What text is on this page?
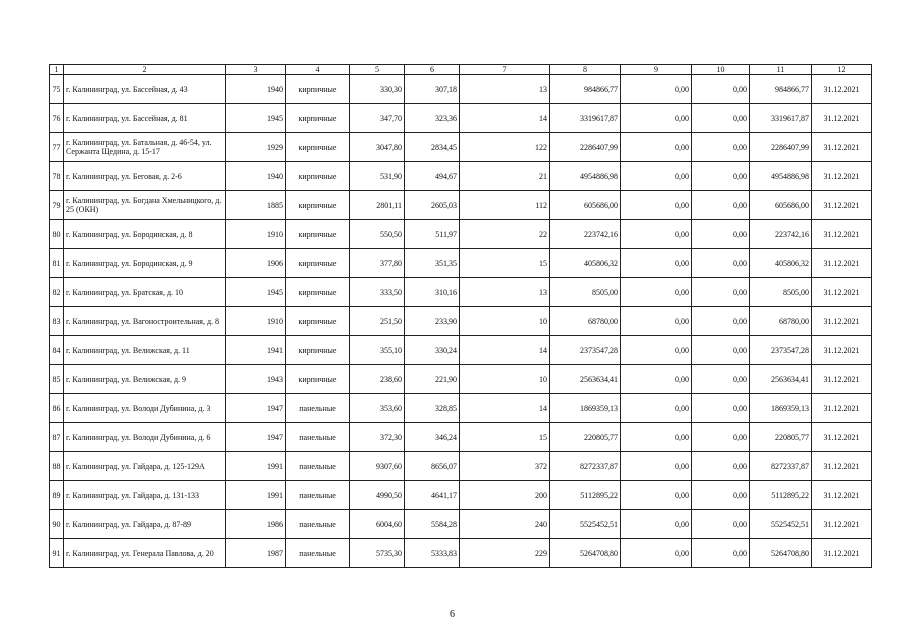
1	2	3	4	5	6	7	8	9	10	11	12
75	г. Калининград, ул. Бассейная, д. 43	1940	кирпичные	330,30	307,18	13	984866,77	0,00	0,00	984866,77	31.12.2021
76	г. Калининград, ул. Бассейная, д. 81	1945	кирпичные	347,70	323,36	14	3319617,87	0,00	0,00	3319617,87	31.12.2021
77	г. Калининград, ул. Батальная, д. 46-54, ул. Сержанта Щедина, д. 15-17	1929	кирпичные	3047,80	2834,45	122	2286407,99	0,00	0,00	2286407,99	31.12.2021
78	г. Калининград, ул. Беговая, д. 2-6	1940	кирпичные	531,90	494,67	21	4954886,98	0,00	0,00	4954886,98	31.12.2021
79	г. Калининград, ул. Богдана Хмельницкого, д. 25 (ОКН)	1885	кирпичные	2801,11	2605,03	112	605686,00	0,00	0,00	605686,00	31.12.2021
80	г. Калининград, ул. Бородинская, д. 8	1910	кирпичные	550,50	511,97	22	223742,16	0,00	0,00	223742,16	31.12.2021
81	г. Калининград, ул. Бородинская, д. 9	1906	кирпичные	377,80	351,35	15	405806,32	0,00	0,00	405806,32	31.12.2021
82	г. Калининград, ул. Братская, д. 10	1945	кирпичные	333,50	310,16	13	8505,00	0,00	0,00	8505,00	31.12.2021
83	г. Калининград, ул. Вагоностроительная, д. 8	1910	кирпичные	251,50	233,90	10	68780,00	0,00	0,00	68780,00	31.12.2021
84	г. Калининград, ул. Велижская, д. 11	1941	кирпичные	355,10	330,24	14	2373547,28	0,00	0,00	2373547,28	31.12.2021
85	г. Калининград, ул. Велижская, д. 9	1943	кирпичные	238,60	221,90	10	2563634,41	0,00	0,00	2563634,41	31.12.2021
86	г. Калининград, ул. Володи Дубинина, д. 3	1947	панельные	353,60	328,85	14	1869359,13	0,00	0,00	1869359,13	31.12.2021
87	г. Калининград, ул. Володи Дубинина, д. 6	1947	панельные	372,30	346,24	15	220805,77	0,00	0,00	220805,77	31.12.2021
88	г. Калининград, ул. Гайдара, д. 125-129А	1991	панельные	9307,60	8656,07	372	8272337,87	0,00	0,00	8272337,87	31.12.2021
89	г. Калининград, ул. Гайдара, д. 131-133	1991	панельные	4990,50	4641,17	200	5112895,22	0,00	0,00	5112895,22	31.12.2021
90	г. Калининград, ул. Гайдара, д. 87-89	1986	панельные	6004,60	5584,28	240	5525452,51	0,00	0,00	5525452,51	31.12.2021
91	г. Калининград, ул. Генерала Павлова, д. 20	1987	панельные	5735,30	5333,83	229	5264708,80	0,00	0,00	5264708,80	31.12.2021
6
